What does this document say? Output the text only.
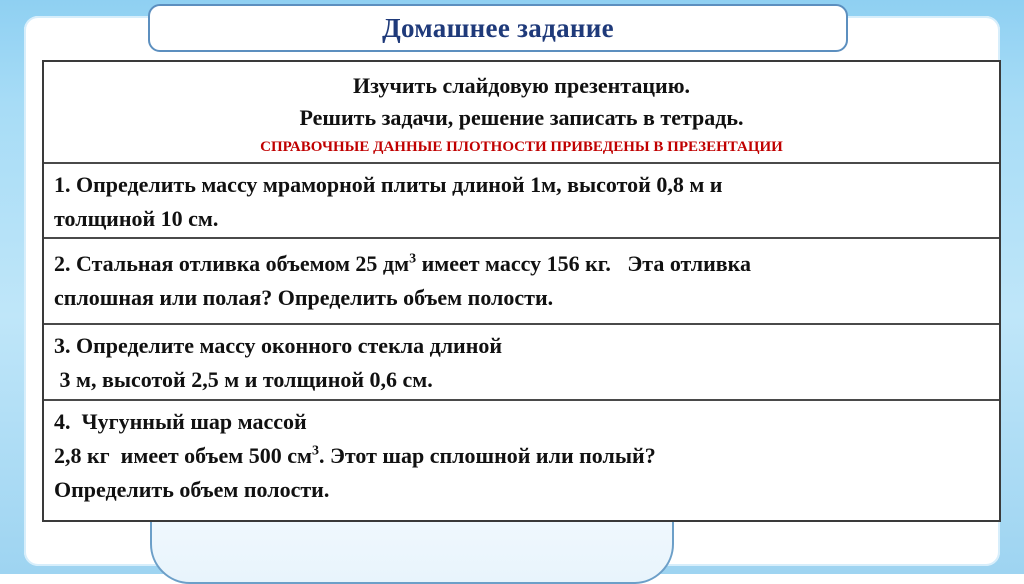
Домашнее задание
Изучить слайдовую презентацию.
Решить задачи, решение записать в тетрадь.
СПРАВОЧНЫЕ ДАННЫЕ ПЛОТНОСТИ ПРИВЕДЕНЫ В ПРЕЗЕНТАЦИИ
1. Определить массу мраморной плиты длиной 1м, высотой 0,8 м и
толщиной 10 см.
2. Стальная отливка объемом 25 $дм^3$ имеет массу 156 кг.   Эта отливка
сплошная или полая? Определить объем полости.
3. Определите массу оконного стекла длиной
3 м, высотой 2,5 м и толщиной 0,6 см.
4.  Чугунный шар массой
2,8 кг  имеет объем 500 $см^3$. Этот шар сплошной или полый?
Определить объем полости.
